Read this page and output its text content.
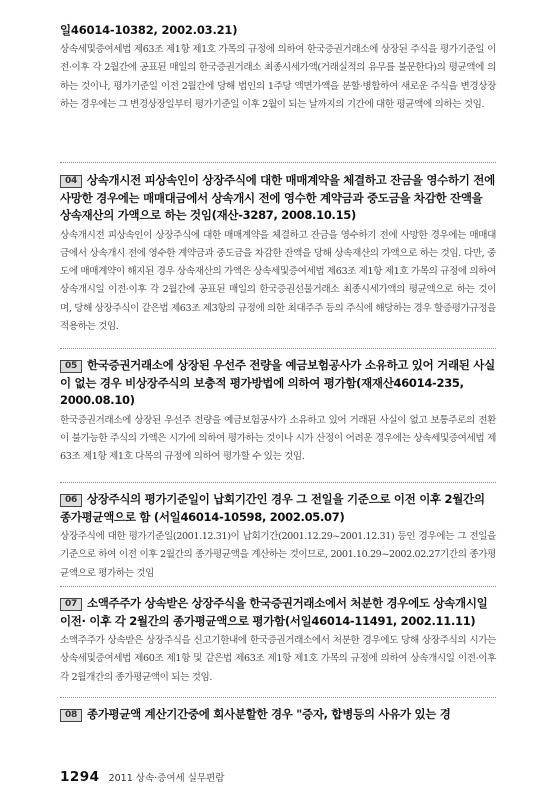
일46014-10382, 2002.03.21)

상속세및증여세법 제63조 제1항 제1호 가목의 규정에 의하여 한국증권거래소에 상장된 주식을 평가기준일 이전·이후 각 2월간에 공표된 매일의 한국증권거래소 최종시세가액(거래실적의 유무를 불문한다)의 평균액에 의하는 것이나, 평가기준일 이전 2월간에 당해 법인의 1주당 액면가액을 분할·병합하여 새로운 주식을 변경상장하는 경우에는 그 변경상장일부터 평가기준일 이후 2월이 되는 날까지의 기간에 대한 평균액에 의하는 것임.

04 상속개시전 피상속인이 상장주식에 대한 매매계약을 체결하고 잔금을 영수하기 전에 사망한 경우에는 매매대금에서 상속개시 전에 영수한 계약금과 중도금을 차감한 잔액을 상속재산의 가액으로 하는 것임(재산-3287, 2008.10.15)

상속개시전 피상속인이 상장주식에 대한 매매계약을 체결하고 잔금을 영수하기 전에 사망한 경우에는 매매대금에서 상속개시 전에 영수한 계약금과 중도금을 차감한 잔액을 당해 상속재산의 가액으로 하는 것임. 다만, 중도에 매매계약이 해지된 경우 상속재산의 가액은 상속세및증여세법 제63조 제1항 제1호 가목의 규정에 의하여 상속개시일 이전·이후 각 2월간에 공표된 매일의 한국증권선물거래소 최종시세가액의 평균액으로 하는 것이며, 당해 상장주식이 같은법 제63조 제3항의 규정에 의한 최대주주 등의 주식에 해당하는 경우 할증평가규정을 적용하는 것임.

05 한국증권거래소에 상장된 우선주 전량을 예금보험공사가 소유하고 있어 거래된 사실이 없는 경우 비상장주식의 보충적 평가방법에 의하여 평가함(재재산46014-235, 2000.08.10)

한국증권거래소에 상장된 우선주 전량을 예금보험공사가 소유하고 있어 거래된 사실이 없고 보통주로의 전환이 불가능한 주식의 가액은 시가에 의하여 평가하는 것이나 시가 산정이 어려운 경우에는 상속세및증여세법 제63조 제1항 제1호 다목의 규정에 의하여 평가할 수 있는 것임.

06 상장주식의 평가기준일이 납회기간인 경우 그 전일을 기준으로 이전 이후 2월간의 종가평균액으로 함 (서일46014-10598, 2002.05.07)

상장주식에 대한 평가기준일(2001.12.31)이 납회기간(2001.12.29~2001.12.31) 등인 경우에는 그 전일을 기준으로 하여 이전 이후 2월간의 종가평균액을 계산하는 것이므로, 2001.10.29~2002.02.27기간의 종가평균액으로 평가하는 것임

07 소액주주가 상속받은 상장주식을 한국증권거래소에서 처분한 경우에도 상속개시일 이전· 이후 각 2월간의 종가평균액으로 평가함(서일46014-11491, 2002.11.11)

소액주주가 상속받은 상장주식을 신고기한내에 한국증권거래소에서 처분한 경우에도 당해 상장주식의 시가는 상속세및증여세법 제60조 제1항 및 같은법 제63조 제1항 제1호 가목의 규정에 의하여 상속개시일 이전·이후 각 2월개간의 종가평균액이 되는 것임.

08 종가평균액 계산기간중에 회사분할한 경우 "증자, 합병등의 사유가 있는 경
1294 2011 상속·증여세 실무편람
